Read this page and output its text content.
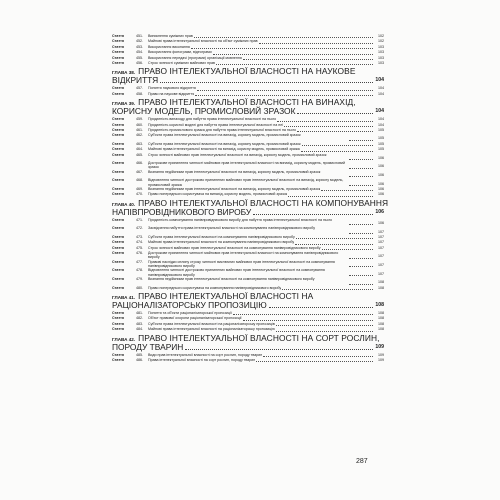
Стаття	451.	Виникнення суміжних прав	102
Стаття	452.	Майнові права інтелектуальної власності на об'єкт суміжних прав	102
Стаття	453.	Використання виконання	103
Стаття	454.	Використання фонограми, відеограми	103
Стаття	455.	Використання передачі (програми) організації мовлення	103
Стаття	456.	Строк чинності суміжних майнових прав	103
ГЛАВА 38. ПРАВО ІНТЕЛЕКТУАЛЬНОЇ ВЛАСНОСТІ НА НАУКОВЕ
ВІДКРИТТЯ	104
Стаття	457.	Поняття наукового відкриття	104
Стаття	458.	Право на наукове відкриття	104
ГЛАВА 39. ПРАВО ІНТЕЛЕКТУАЛЬНОЇ ВЛАСНОСТІ НА ВИНАХІД,
КОРИСНУ МОДЕЛЬ, ПРОМИСЛОВИЙ ЗРАЗОК	104
Стаття	459.	Придатність винаходу для набуття права інтелектуальної власності на нього	104
Стаття	460.	Придатність корисної моделі для набуття права інтелектуальної власності на неї	104
Стаття	461.	Придатність промислового зразка для набуття права інтелектуальної власності на нього	105
Стаття	462.	Суб'єкти права інтелектуальної власності на винахід, корисну модель, промисловий зразок
105
Стаття	463.	Суб'єкти права інтелектуальної власності на винахід, корисну модель, промисловий зразок	105
Стаття	464.	Майнові права інтелектуальної власності на винахід, корисну модель, промисловий зразок	105
Стаття	465.	Строк чинності майнових прав інтелектуальної власності на винахід, корисну модель, промисловий зразок
106
Стаття	466.	Дострокове припинення чинності майнових прав інтелектуальної власності на винахід, корисну модель, промисловий зразок	106
Стаття	467.	Визнання недійсними прав інтелектуальної власності на винахід, корисну модель, промисловий зразок
106
Стаття	468.	Відновлення чинності достроково припинених майнових прав інтелектуальної власності на винахід, корисну модель, промисловий зразок	106
Стаття	469.	Визнання недійсними прав інтелектуальної власності на винахід, корисну модель, промисловий зразок	106
Стаття	470.	Право попереднього користувача на винахід, корисну модель, промисловий зразок	106
ГЛАВА 40. ПРАВО ІНТЕЛЕКТУАЛЬНОЇ ВЛАСНОСТІ НА КОМПОНУВАННЯ
НАПІВПРОВІДНИКОВОГО ВИРОБУ	106
Стаття	471.	Придатність компонування напівпровідникового виробу для набуття права інтелектуальної власності на нього
106
Стаття	472.	Засвідчення набуття права інтелектуальної власності на компонування напівпровідникового виробу
107
Стаття	473.	Суб'єкти права інтелектуальної власності на компонування напівпровідникового виробу	107
Стаття	474.	Майнові права інтелектуальної власності на компонування напівпровідникового виробу	107
Стаття	475.	Строк чинності майнових прав інтелектуальної власності на компонування напівпровідникового виробу	107
Стаття	476.	Дострокове припинення чинності майнових прав інтелектуальної власності на компонування напівпровідникового виробу	107
Стаття	477.	Правові наслідки сплину строку чинності виключних майнових прав інтелектуальної власності на компонування напівпровідникового виробу	107
Стаття	478.	Відновлення чинності достроково припинених майнових прав інтелектуальної власності на компонування напівпровідникового виробу	107
Стаття	479.	Визнання недійсними прав інтелектуальної власності на компонування напівпровідникового виробу
108
Стаття	480.	Право попереднього користувача на компонування напівпровідникового виробу	108
ГЛАВА 41. ПРАВО ІНТЕЛЕКТУАЛЬНОЇ ВЛАСНОСТІ НА
РАЦІОНАЛІЗАТОРСЬКУ ПРОПОЗИЦІЮ	108
Стаття	481.	Поняття та об'єкти раціоналізаторської пропозиції	108
Стаття	482.	Об'єкт правової охорони раціоналізаторської пропозиції	108
Стаття	483.	Суб'єкти права інтелектуальної власності на раціоналізаторську пропозицію	108
Стаття	484.	Майнові права інтелектуальної власності на раціоналізаторську пропозицію	108
ГЛАВА 42. ПРАВО ІНТЕЛЕКТУАЛЬНОЇ ВЛАСНОСТІ НА СОРТ РОСЛИН,
ПОРОДУ ТВАРИН	109
Стаття	485.	Види прав інтелектуальної власності на сорт рослин, породу тварин	109
Стаття	486.	Права інтелектуальної власності на сорт рослин, породу тварин	109
287
